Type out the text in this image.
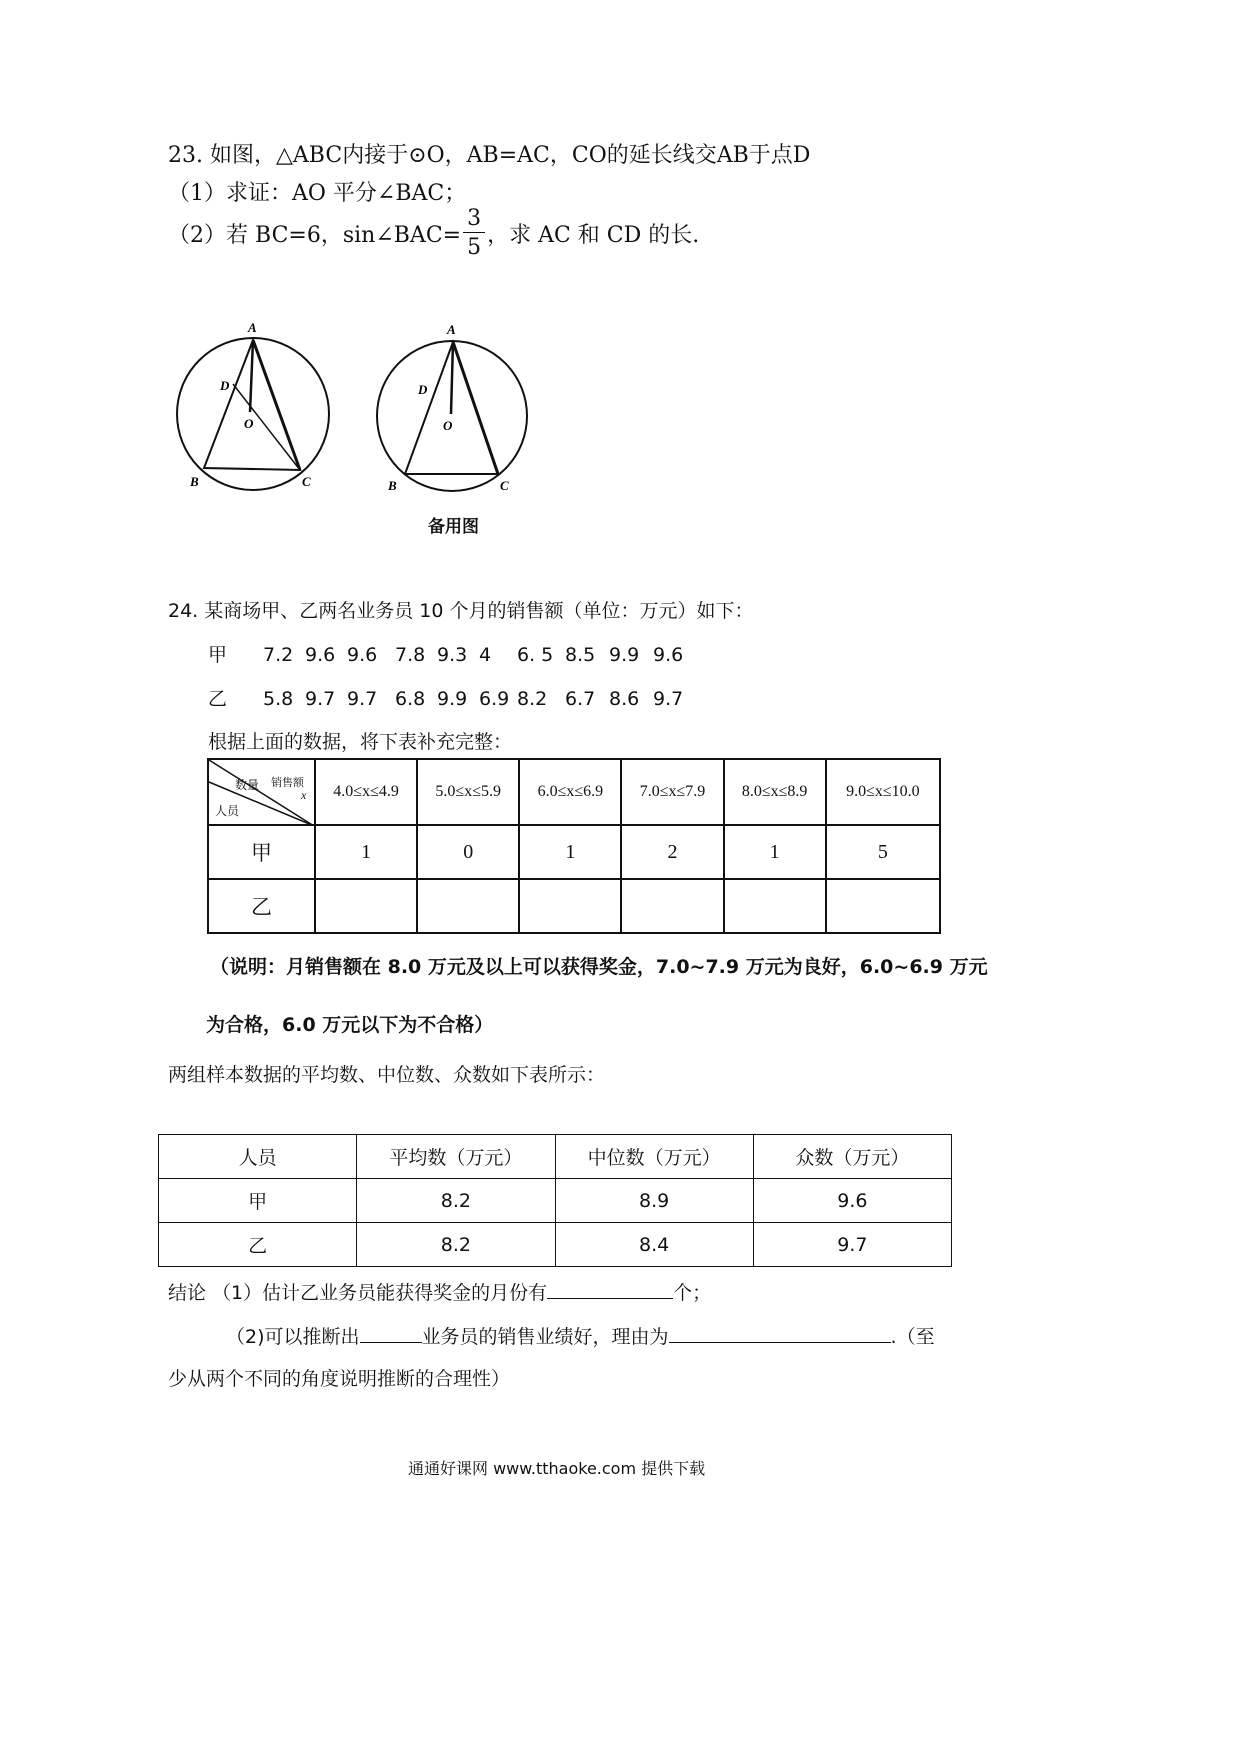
23. 如图，△ABC内接于⊙O，AB=AC，CO的延长线交AB于点D
（1）求证：AO 平分∠BAC；
（2）若 BC=6，sin∠BAC= $\frac{3}{5}$ ，求 AC 和 CD 的长.
A
B	C
D
O
A
B	C
D
O
备用图
24. 某商场甲、乙两名业务员 10 个月的销售额（单位：万元）如下：
甲 7.2 9.6 9.6 7.8 9.3 4 6. 5 8.5 9.9 9.6
乙 5.8 9.7 9.7 6.8 9.9 6.9 8.2 6.7 8.6 9.7
根据上面的数据，将下表补充完整：
数量 销售额
x
人员	4.0≤x≤4.9	5.0≤x≤5.9	6.0≤x≤6.9	7.0≤x≤7.9	8.0≤x≤8.9	9.0≤x≤10.0
甲	1	0	1	2	1	5
乙						
（说明：月销售额在 8.0 万元及以上可以获得奖金，7.0~7.9 万元为良好，6.0~6.9 万元
为合格，6.0 万元以下为不合格）
两组样本数据的平均数、中位数、众数如下表所示：
人员	平均数（万元）	中位数（万元）	众数（万元）
甲	8.2	8.9	9.6
乙	8.2	8.4	9.7
结论 （1）估计乙业务员能获得奖金的月份有	个；
（2)可以推断出	业务员的销售业绩好，理由为	.（至
少从两个不同的角度说明推断的合理性）
通通好课网 www.tthaoke.com 提供下载
